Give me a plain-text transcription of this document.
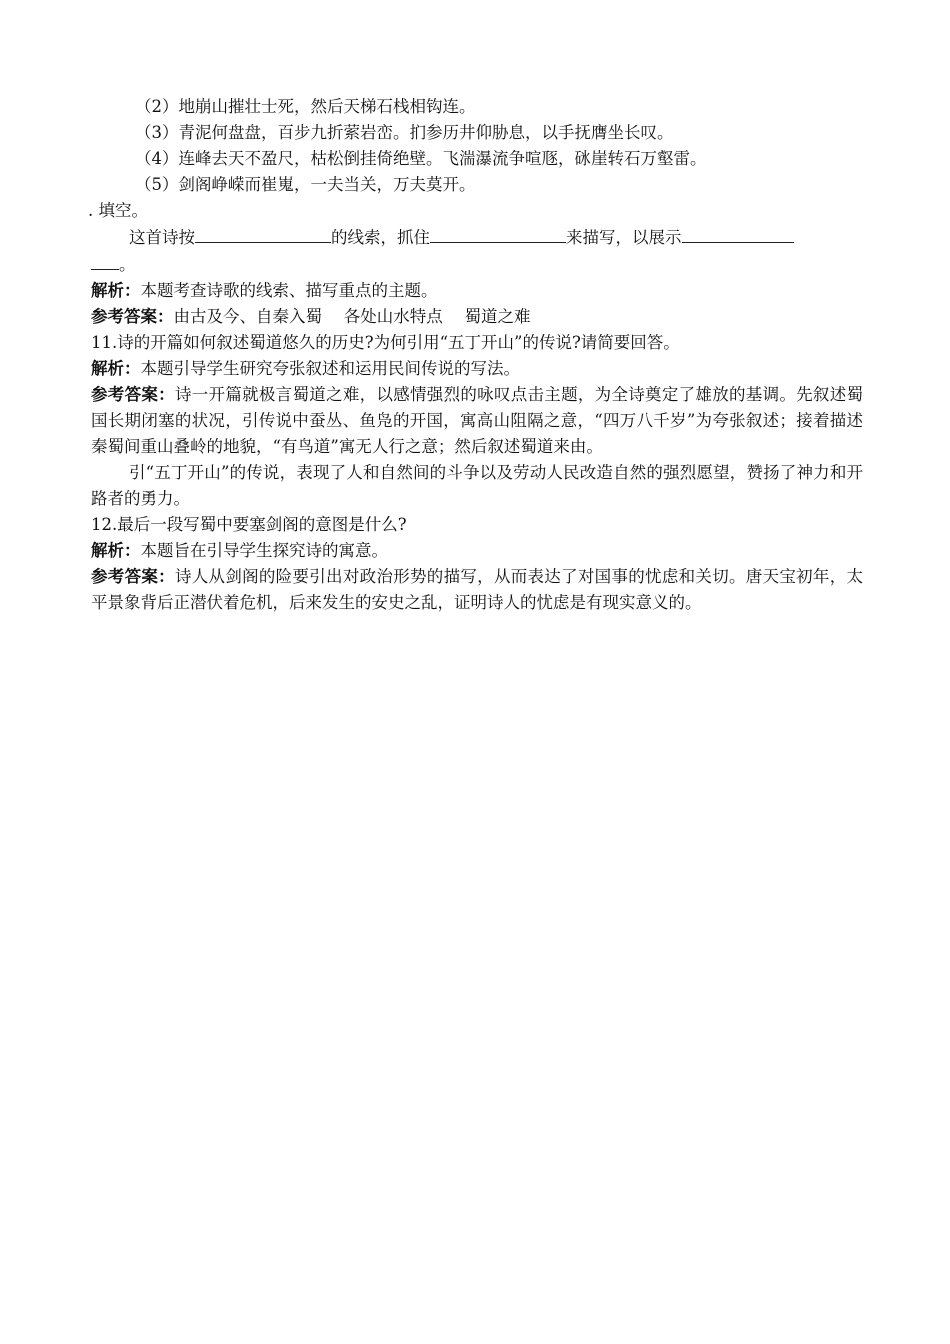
（2）地崩山摧壮士死，然后天梯石栈相钩连。
（3）青泥何盘盘，百步九折萦岩峦。扪参历井仰胁息，以手抚膺坐长叹。
（4）连峰去天不盈尺，枯松倒挂倚绝壁。飞湍瀑流争喧豗，砯崖转石万壑雷。
（5）剑阁峥嵘而崔嵬，一夫当关，万夫莫开。
. 填空。
这首诗按	的线索，抓住	来描写，以展示
。
解析：本题考查诗歌的线索、描写重点的主题。
参考答案：由古及今、自秦入蜀　 各处山水特点　 蜀道之难
11.诗的开篇如何叙述蜀道悠久的历史?为何引用“五丁开山”的传说?请简要回答。
解析：本题引导学生研究夸张叙述和运用民间传说的写法。
参考答案：诗一开篇就极言蜀道之难，以感情强烈的咏叹点击主题，为全诗奠定了雄放的基调。先叙述蜀国长期闭塞的状况，引传说中蚕丛、鱼凫的开国，寓高山阻隔之意，“四万八千岁”为夸张叙述；接着描述秦蜀间重山叠岭的地貌，“有鸟道”寓无人行之意；然后叙述蜀道来由。
引“五丁开山”的传说，表现了人和自然间的斗争以及劳动人民改造自然的强烈愿望，赞扬了神力和开路者的勇力。
12.最后一段写蜀中要塞剑阁的意图是什么?
解析：本题旨在引导学生探究诗的寓意。
参考答案：诗人从剑阁的险要引出对政治形势的描写，从而表达了对国事的忧虑和关切。唐天宝初年，太平景象背后正潜伏着危机，后来发生的安史之乱，证明诗人的忧虑是有现实意义的。
